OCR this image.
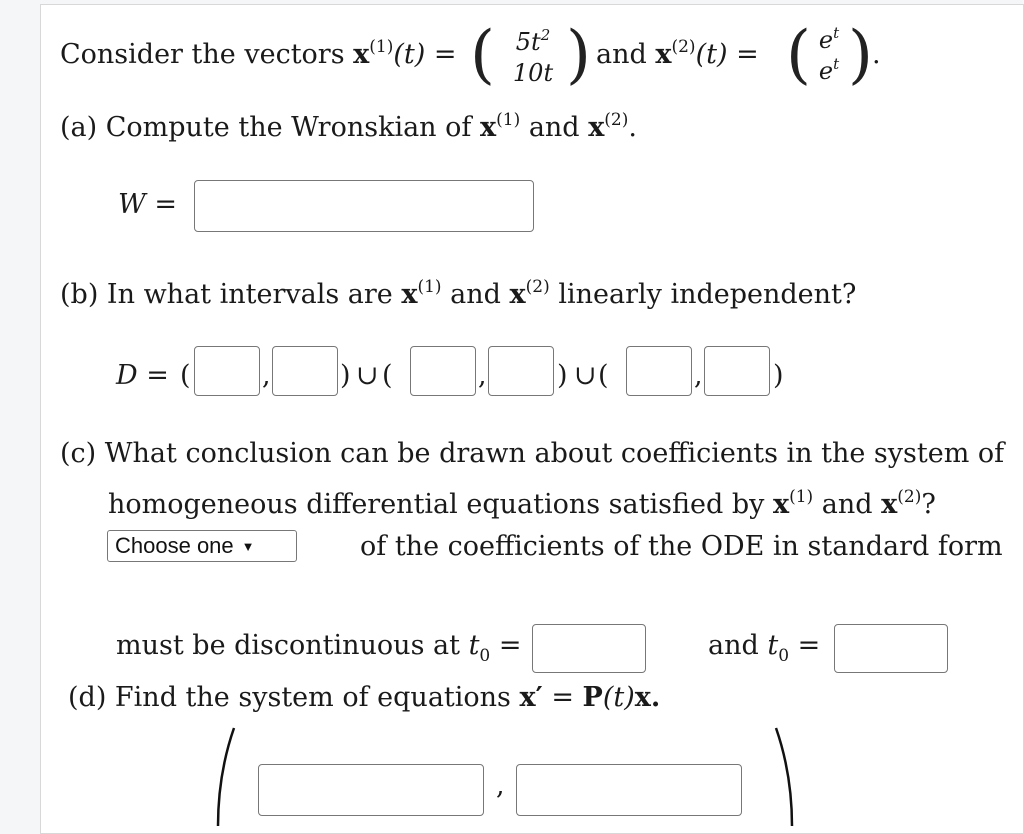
Consider the vectors $x^{(1)}(t)$ = ( $5t^2$
10t ) and $x^{(2)}(t)$ = ( $e^t$
$e^t$ ) .
(a) Compute the Wronskian of $x^{(1)}$ and $x^{(2)}$.
W =
(b) In what intervals are $x^{(1)}$ and $x^{(2)}$ linearly independent?
D = (	,	) ∪ (	,	) ∪ (	,	)
(c) What conclusion can be drawn about coefficients in the system of
homogeneous differential equations satisfied by $x^{(1)}$ and $x^{(2)}$?
Choose one ▼	of the coefficients of the ODE in standard form
must be discontinuous at $t_0$ =	and $t_0$ =
(d) Find the system of equations x′ = P(t)x.
,
